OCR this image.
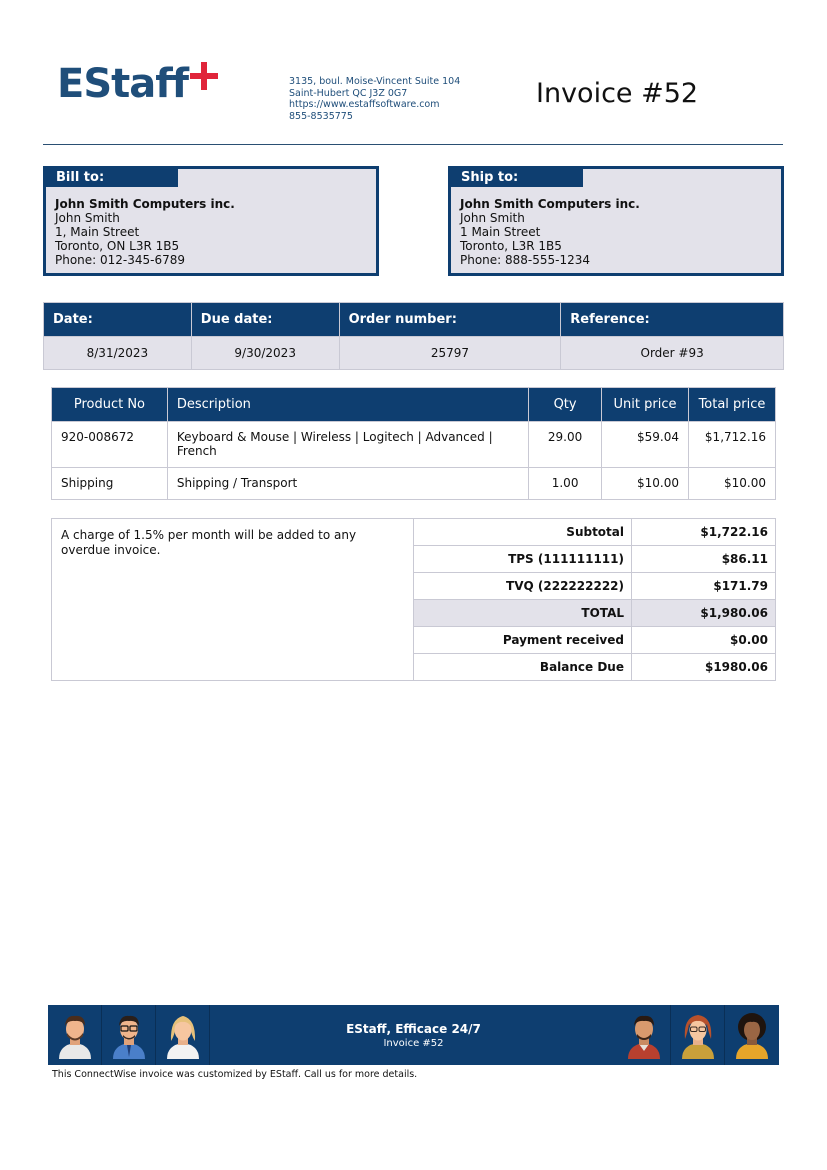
EStaff	3135, boul. Moise-Vincent Suite 104
Saint-Hubert QC J3Z 0G7
https://www.estaffsoftware.com
855-8535775
Invoice #52
Bill to:
John Smith Computers inc.
John Smith
1, Main Street
Toronto, ON L3R 1B5
Phone: 012-345-6789
Ship to:
John Smith Computers inc.
John Smith
1 Main Street
Toronto, L3R 1B5
Phone: 888-555-1234
Date:	Due date:	Order number:	Reference:
8/31/2023	9/30/2023	25797	Order #93
Product No	Description	Qty	Unit price	Total price
920-008672	Keyboard & Mouse | Wireless | Logitech | Advanced | French	29.00	$59.04	$1,712.16
Shipping	Shipping / Transport	1.00	$10.00	$10.00
A charge of 1.5% per month will be added to any overdue invoice.
Subtotal	$1,722.16
TPS (111111111)	$86.11
TVQ (222222222)	$171.79
TOTAL	$1,980.06
Payment received	$0.00
Balance Due	$1980.06
EStaff, Efficace 24/7
Invoice #52
This ConnectWise invoice was customized by EStaff. Call us for more details.
